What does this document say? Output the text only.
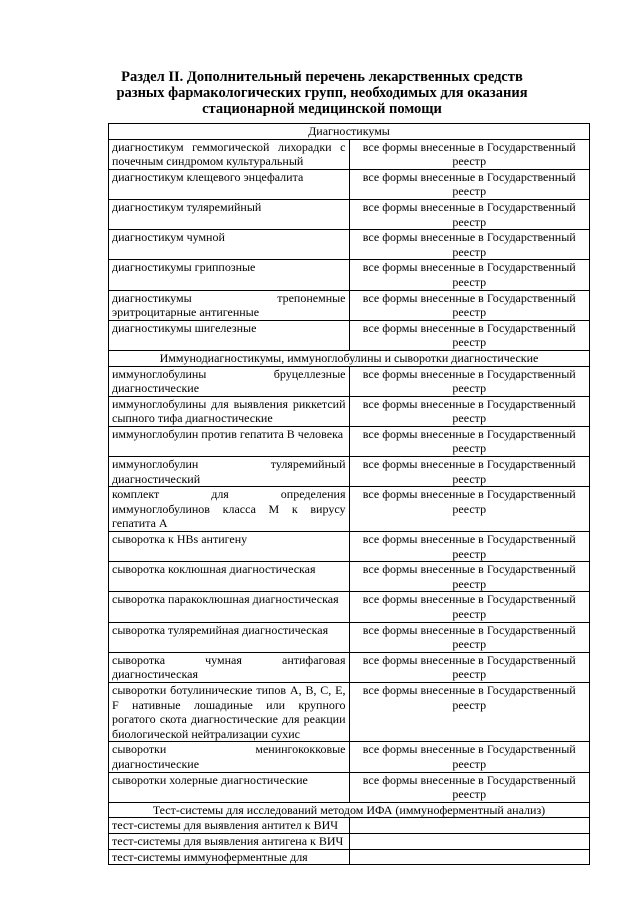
Раздел II. Дополнительный перечень лекарственных средств разных фармакологических групп, необходимых для оказания стационарной медицинской помощи
Диагностикумы	
диагностикум геммогической лихорадки с почечным синдромом культуральный	все формы внесенные в Государственный реестр
диагностикум клещевого энцефалита	все формы внесенные в Государственный реестр
диагностикум туляремийный	все формы внесенные в Государственный реестр
диагностикум чумной	все формы внесенные в Государственный реестр
диагностикумы гриппозные	все формы внесенные в Государственный реестр
диагностикумы трепонемные эритроцитарные антигенные	все формы внесенные в Государственный реестр
диагностикумы шигелезные	все формы внесенные в Государственный реестр
Иммунодиагностикумы, иммуноглобулины и сыворотки диагностические	
иммуноглобулины бруцеллезные диагностические	все формы внесенные в Государственный реестр
иммуноглобулины для выявления риккетсий сыпного тифа диагностические	все формы внесенные в Государственный реестр
иммуноглобулин против гепатита В человека	все формы внесенные в Государственный реестр
иммуноглобулин туляремийный диагностический	все формы внесенные в Государственный реестр
комплект для определения иммуноглобулинов класса М к вирусу гепатита А	все формы внесенные в Государственный реестр
сыворотка к HBs антигену	все формы внесенные в Государственный реестр
сыворотка коклюшная диагностическая	все формы внесенные в Государственный реестр
сыворотка паракоклюшная диагностическая	все формы внесенные в Государственный реестр
сыворотка туляремийная диагностическая	все формы внесенные в Государственный реестр
сыворотка чумная антифаговая диагностическая	все формы внесенные в Государственный реестр
сыворотки ботулинические типов А, В, С, Е, F нативные лошадиные или крупного рогатого скота диагностические для реакции биологической нейтрализации сухис	все формы внесенные в Государственный реестр
сыворотки менингококковые диагностические	все формы внесенные в Государственный реестр
сыворотки холерные диагностические	все формы внесенные в Государственный реестр
Тест-системы для исследований методом ИФА (иммуноферментный анализ)	
тест-системы для выявления антител к ВИЧ	
тест-системы для выявления антигена к ВИЧ	
тест-системы иммуноферментные для	
